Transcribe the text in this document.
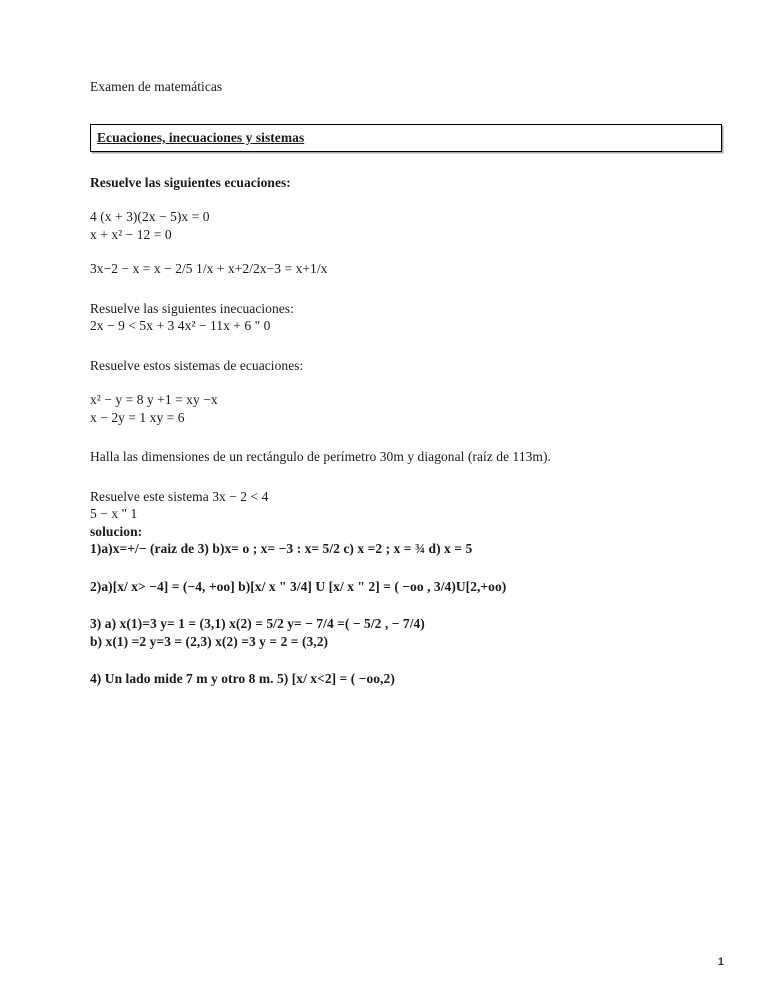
Examen de matemáticas

Ecuaciones, inecuaciones y sistemas

Resuelve las siguientes ecuaciones:

4 (x + 3)(2x − 5)x = 0

x + x² − 12 = 0

3x−2 − x = x − 2/5 1/x + x+2/2x−3 = x+1/x

Resuelve las siguientes inecuaciones:

2x − 9 < 5x + 3 4x² − 11x + 6 " 0

Resuelve estos sistemas de ecuaciones:

x² − y = 8 y +1 = xy −x

x − 2y = 1 xy = 6

Halla las dimensiones de un rectángulo de perímetro 30m y diagonal (raíz de 113m).

Resuelve este sistema 3x − 2 < 4

5 − x " 1

solucion:

1)a)x=+/− (raiz de 3) b)x= o ; x= −3 : x= 5/2 c) x =2 ; x = ¾ d) x = 5

2)a)[x/ x> −4] = (−4, +oo] b)[x/ x " 3/4] U [x/ x " 2] = ( −oo , 3/4)U[2,+oo)

3) a) x(1)=3 y= 1 = (3,1) x(2) = 5/2 y= − 7/4 =( − 5/2 , − 7/4)

b) x(1) =2 y=3 = (2,3) x(2) =3 y = 2 = (3,2)

4) Un lado mide 7 m y otro 8 m. 5) [x/ x<2] = ( −oo,2)

1
